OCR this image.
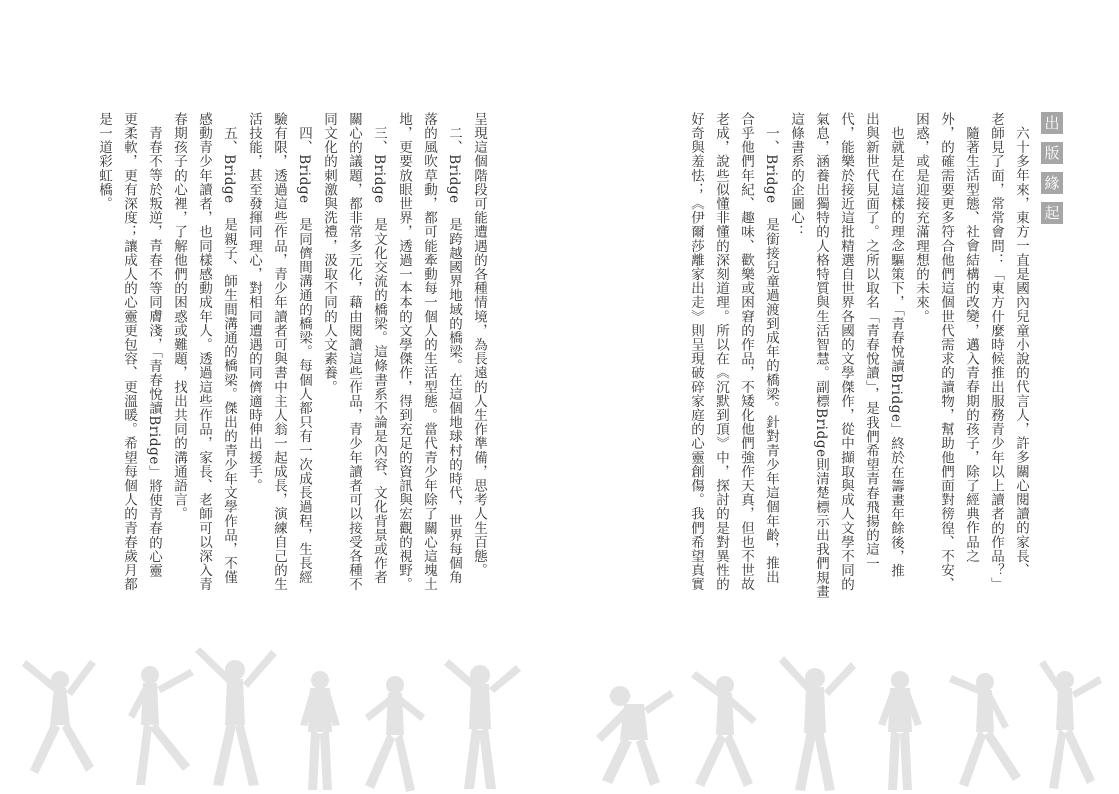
呈現這個階段可能遭遇的各種情境，為長遠的人生作準備，思考人生百態。
二、Bridge　是跨越國界地域的橋梁。在這個地球村的時代，世界每個角
落的風吹草動，都可能牽動每一個人的生活型態。當代青少年除了關心這塊土
地，更要放眼世界，透過一本本的文學傑作，得到充足的資訊與宏觀的視野。
三、Bridge　是文化交流的橋梁。這條書系不論是內容、文化背景或作者
關心的議題，都非常多元化，藉由閱讀這些作品，青少年讀者可以接受各種不
同文化的刺激與洗禮，汲取不同的人文素養。
四、Bridge　是同儕間溝通的橋梁。每個人都只有一次成長過程，生長經
驗有限，透過這些作品，青少年讀者可與書中主人翁一起成長，演練自己的生
活技能，甚至發揮同理心，對相同遭遇的同儕適時伸出援手。
五、Bridge　是親子、師生間溝通的橋梁。傑出的青少年文學作品，不僅
感動青少年讀者，也同樣感動成年人。透過這些作品，家長、老師可以深入青
春期孩子的心裡，了解他們的困惑或難題，找出共同的溝通語言。
青春不等於叛逆，青春不等同膚淺，「青春悅讀Bridge」將使青春的心靈
更柔軟，更有深度；讓成人的心靈更包容、更溫暖。希望每個人的青春歲月都
是一道彩虹橋。	出
版
緣
起
六十多年來，東方一直是國內兒童小說的代言人，許多關心閱讀的家長、
老師見了面，常常會問：「東方什麼時候推出服務青少年以上讀者的作品？」
隨著生活型態、社會結構的改變，邁入青春期的孩子，除了經典作品之
外，的確需要更多符合他們這個世代需求的讀物，幫助他們面對徬徨、不安、
困惑，或是迎接充滿理想的未來。
也就是在這樣的理念驅策下，「青春悅讀Bridge」終於在籌畫年餘後，推
出與新世代見面了。之所以取名「青春悅讀」，是我們希望青春飛揚的這一
代，能樂於接近這批精選自世界各國的文學傑作，從中擷取與成人文學不同的
氣息，涵養出獨特的人格特質與生活智慧。副標Bridge則清楚標示出我們規畫
這條書系的企圖心：
一、Bridge　是銜接兒童過渡到成年的橋梁。針對青少年這個年齡，推出
合乎他們年紀、趣味、歡樂或困窘的作品，不矮化他們強作天真，但也不世故
老成，說些似懂非懂的深刻道理。所以在《沉默到頂》中，探討的是對異性的
好奇與羞怯；《伊爾莎離家出走》則呈現破碎家庭的心靈創傷。我們希望真實
